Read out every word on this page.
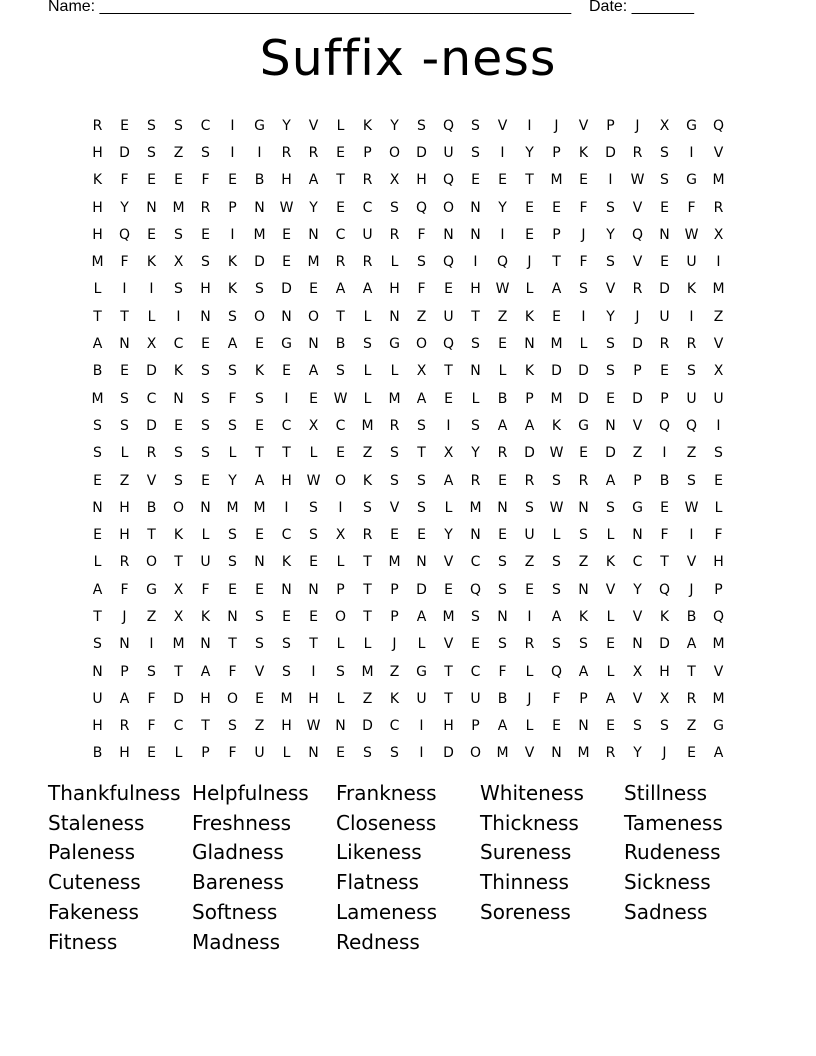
Name: _____________________________________________________ Date: _______
Suffix -ness
R	E	S	S	C	I	G	Y	V	L	K	Y	S	Q	S	V	I	J	V	P	J	X	G	Q
H	D	S	Z	S	I	I	R	R	E	P	O	D	U	S	I	Y	P	K	D	R	S	I	V
K	F	E	E	F	E	B	H	A	T	R	X	H	Q	E	E	T	M	E	I	W	S	G	M
H	Y	N	M	R	P	N	W	Y	E	C	S	Q	O	N	Y	E	E	F	S	V	E	F	R
H	Q	E	S	E	I	M	E	N	C	U	R	F	N	N	I	E	P	J	Y	Q	N	W	X
M	F	K	X	S	K	D	E	M	R	R	L	S	Q	I	Q	J	T	F	S	V	E	U	I
L	I	I	S	H	K	S	D	E	A	A	H	F	E	H	W	L	A	S	V	R	D	K	M
T	T	L	I	N	S	O	N	O	T	L	N	Z	U	T	Z	K	E	I	Y	J	U	I	Z
A	N	X	C	E	A	E	G	N	B	S	G	O	Q	S	E	N	M	L	S	D	R	R	V
B	E	D	K	S	S	K	E	A	S	L	L	X	T	N	L	K	D	D	S	P	E	S	X
M	S	C	N	S	F	S	I	E	W	L	M	A	E	L	B	P	M	D	E	D	P	U	U
S	S	D	E	S	S	E	C	X	C	M	R	S	I	S	A	A	K	G	N	V	Q	Q	I
S	L	R	S	S	L	T	T	L	E	Z	S	T	X	Y	R	D	W	E	D	Z	I	Z	S
E	Z	V	S	E	Y	A	H	W	O	K	S	S	A	R	E	R	S	R	A	P	B	S	E
N	H	B	O	N	M	M	I	S	I	S	V	S	L	M	N	S	W	N	S	G	E	W	L
E	H	T	K	L	S	E	C	S	X	R	E	E	Y	N	E	U	L	S	L	N	F	I	F
L	R	O	T	U	S	N	K	E	L	T	M	N	V	C	S	Z	S	Z	K	C	T	V	H
A	F	G	X	F	E	E	N	N	P	T	P	D	E	Q	S	E	S	N	V	Y	Q	J	P
T	J	Z	X	K	N	S	E	E	O	T	P	A	M	S	N	I	A	K	L	V	K	B	Q
S	N	I	M	N	T	S	S	T	L	L	J	L	V	E	S	R	S	S	E	N	D	A	M
N	P	S	T	A	F	V	S	I	S	M	Z	G	T	C	F	L	Q	A	L	X	H	T	V
U	A	F	D	H	O	E	M	H	L	Z	K	U	T	U	B	J	F	P	A	V	X	R	M
H	R	F	C	T	S	Z	H	W	N	D	C	I	H	P	A	L	E	N	E	S	S	Z	G
B	H	E	L	P	F	U	L	N	E	S	S	I	D	O	M	V	N	M	R	Y	J	E	A
Thankfulness Helpfulness	Frankness	Whiteness	Stillness
Staleness	Freshness	Closeness	Thickness	Tameness
Paleness	Gladness	Likeness	Sureness	Rudeness
Cuteness	Bareness	Flatness	Thinness	Sickness
Fakeness	Softness	Lameness	Soreness	Sadness
Fitness	Madness	Redness
